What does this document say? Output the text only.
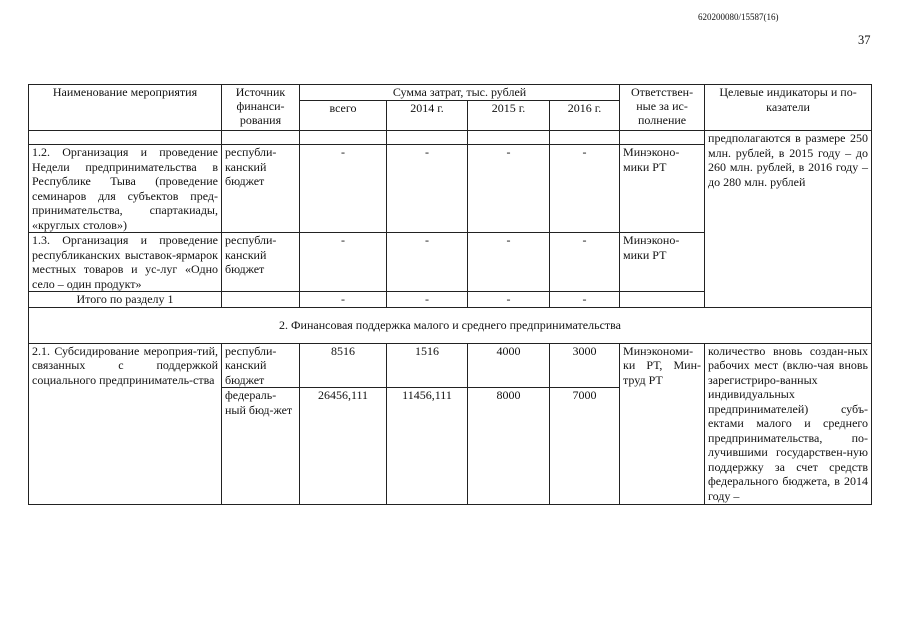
620200080/15587(16)
37
Наименование мероприятия	Источник финанси-рования	Сумма затрат, тыс. рублей				Ответствен-ные за ис-полнение	Целевые индикаторы и по-казатели
		всего	2014 г.	2015 г.	2016 г.		
							предполагаются в размере 250 млн. рублей, в 2015 году – до 260 млн. рублей, в 2016 году – до 280 млн. рублей
1.2. Организация и проведение Недели предпринимательства в Республике Тыва (проведение семинаров для субъектов пред-принимательства, спартакиады, «круглых столов»)	республи-канский бюджет	-	-	-	-	Минэконо-мики РТ	
1.3. Организация и проведение республиканских выставок-ярмарок местных товаров и ус-луг «Одно село – один продукт»	республи-канский бюджет	-	-	-	-	Минэконо-мики РТ	
Итого по разделу 1		-	-	-	-		
2. Финансовая поддержка малого и среднего предпринимательства							
2.1. Субсидирование мероприя-тий, связанных с поддержкой социального предприниматель-ства	республи-канский бюджет	8516	1516	4000	3000	Минэкономи-ки РТ, Мин-труд РТ	количество вновь создан-ных рабочих мест (вклю-чая вновь зарегистриро-ванных индивидуальных предпринимателей) субъ-ектами малого и среднего предпринимательства, по-лучившими государствен-ную поддержку за счет средств федерального бюджета, в 2014 году –
	федераль-ный бюд-жет	26456,111	11456,111	8000	7000		
